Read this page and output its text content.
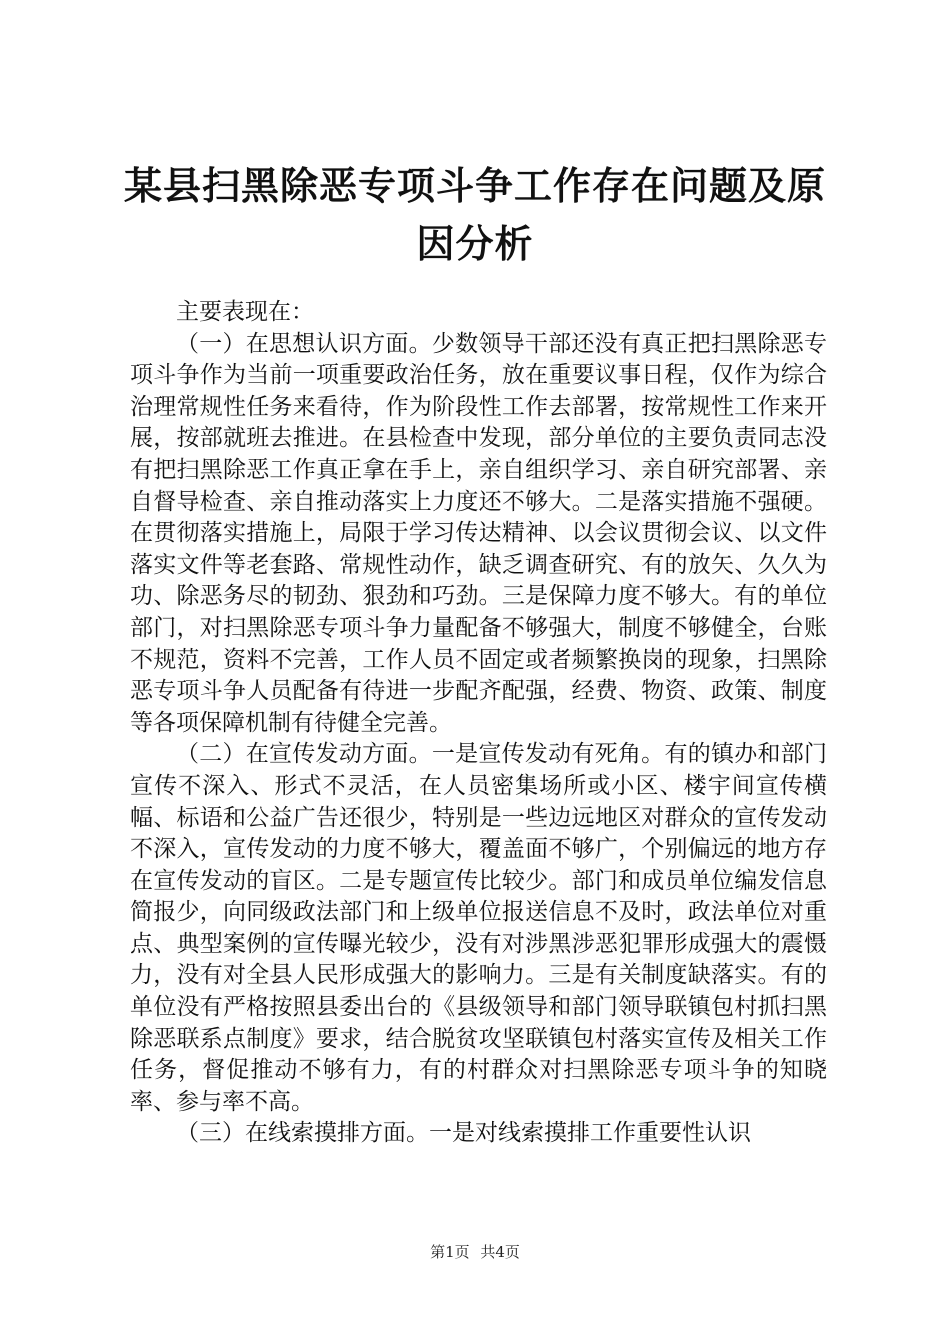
某县扫黑除恶专项斗争工作存在问题及原因分析

主要表现在：

（一）在思想认识方面。少数领导干部还没有真正把扫黑除恶专项斗争作为当前一项重要政治任务，放在重要议事日程，仅作为综合治理常规性任务来看待，作为阶段性工作去部署，按常规性工作来开展，按部就班去推进。在县检查中发现，部分单位的主要负责同志没有把扫黑除恶工作真正拿在手上，亲自组织学习、亲自研究部署、亲自督导检查、亲自推动落实上力度还不够大。二是落实措施不强硬。在贯彻落实措施上，局限于学习传达精神、以会议贯彻会议、以文件落实文件等老套路、常规性动作，缺乏调查研究、有的放矢、久久为功、除恶务尽的韧劲、狠劲和巧劲。三是保障力度不够大。有的单位部门，对扫黑除恶专项斗争力量配备不够强大，制度不够健全，台账不规范，资料不完善，工作人员不固定或者频繁换岗的现象，扫黑除恶专项斗争人员配备有待进一步配齐配强，经费、物资、政策、制度等各项保障机制有待健全完善。

（二）在宣传发动方面。一是宣传发动有死角。有的镇办和部门宣传不深入、形式不灵活，在人员密集场所或小区、楼宇间宣传横幅、标语和公益广告还很少，特别是一些边远地区对群众的宣传发动不深入，宣传发动的力度不够大，覆盖面不够广，个别偏远的地方存在宣传发动的盲区。二是专题宣传比较少。部门和成员单位编发信息简报少，向同级政法部门和上级单位报送信息不及时，政法单位对重点、典型案例的宣传曝光较少，没有对涉黑涉恶犯罪形成强大的震慑力，没有对全县人民形成强大的影响力。三是有关制度缺落实。有的单位没有严格按照县委出台的《县级领导和部门领导联镇包村抓扫黑除恶联系点制度》要求，结合脱贫攻坚联镇包村落实宣传及相关工作任务，督促推动不够有力，有的村群众对扫黑除恶专项斗争的知晓率、参与率不高。

（三）在线索摸排方面。一是对线索摸排工作重要性认识

第1页 共4页
